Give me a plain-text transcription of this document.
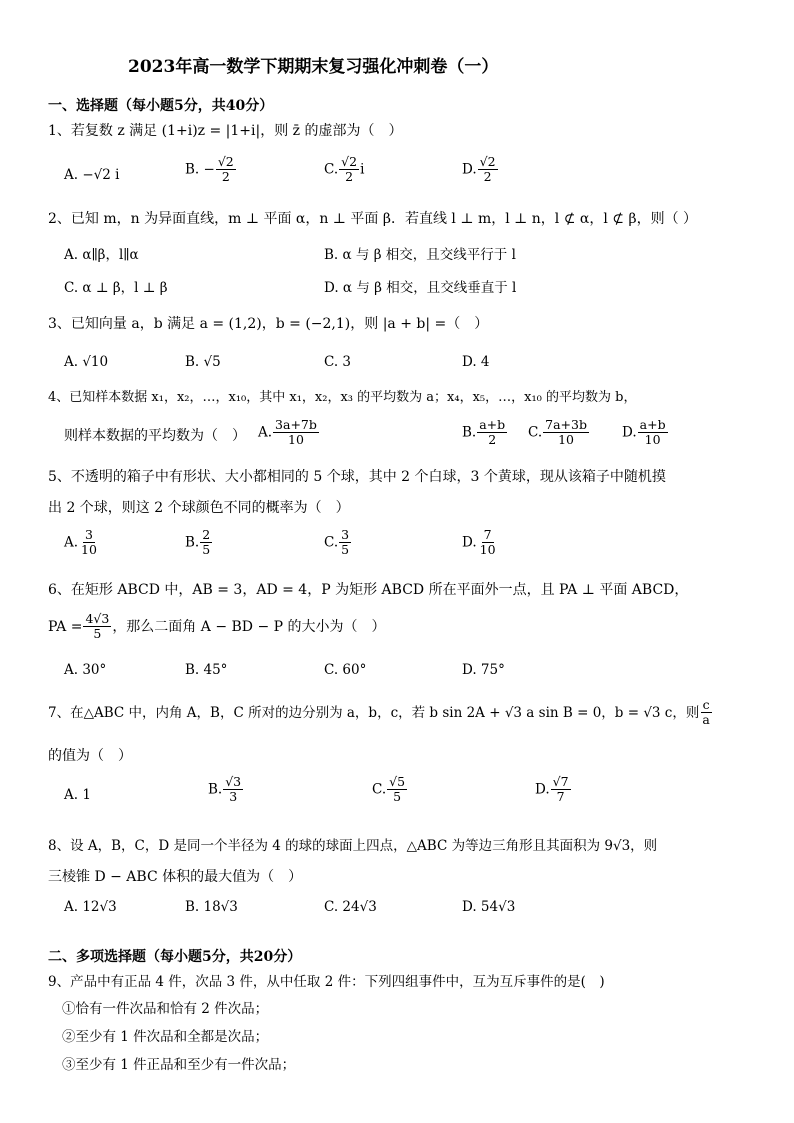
2023年高一数学下期期末复习强化冲刺卷（一）
一、选择题（每小题5分，共40分）
1、若复数 z 满足 (1+i)z = |1+i|，则 z̄ 的虚部为（　）
A. −√2 i	B. − $\frac{√2}{2}$	C. $\frac{√2}{2}$ i	D. $\frac{√2}{2}$
2、已知 m，n 为异面直线，m ⊥ 平面 α，n ⊥ 平面 β．若直线 l ⊥ m，l ⊥ n，l ⊄ α，l ⊄ β，则（ ）
A. α∥β，l∥α	B. α 与 β 相交，且交线平行于 l
C. α ⊥ β，l ⊥ β	D. α 与 β 相交，且交线垂直于 l
3、已知向量 a，b 满足 a = (1,2)，b = (−2,1)，则 |a + b| =（　）
A. √10	B. √5	C. 3	D. 4
4、已知样本数据 x₁，x₂，…，x₁₀，其中 x₁，x₂，x₃ 的平均数为 a；x₄，x₅，…，x₁₀ 的平均数为 b，
则样本数据的平均数为（　） A. $\frac{3a+7b}{10}$	B. $\frac{a+b}{2} C$. $\frac{7a+3b}{10} D$. $\frac{a+b}{10}$
5、不透明的箱子中有形状、大小都相同的 5 个球，其中 2 个白球，3 个黄球，现从该箱子中随机摸
出 2 个球，则这 2 个球颜色不同的概率为（　）
A. $\frac{3}{10}$	B. $\frac{2}{5}$	C. $\frac{3}{5}$	D. $\frac{7}{10}$
6、在矩形 ABCD 中，AB = 3，AD = 4，P 为矩形 ABCD 所在平面外一点，且 PA ⊥ 平面 ABCD，
PA = $\frac{4√3}{5}$ ，那么二面角 A − BD − P 的大小为（　）
A. 30°	B. 45°	C. 60°	D. 75°
7、在△ABC 中，内角 A，B，C 所对的边分别为 a，b，c，若 b sin 2A + √3 a sin B = 0，b = √3 c，则 $\frac{c}{a}$
的值为（　）
A. 1	B. $\frac{√3}{3}$	C. $\frac{√5}{5}$	D. $\frac{√7}{7}$
8、设 A，B，C，D 是同一个半径为 4 的球的球面上四点，△ABC 为等边三角形且其面积为 9√3，则
三棱锥 D − ABC 体积的最大值为（　）
A. 12√3	B. 18√3	C. 24√3	D. 54√3
二、多项选择题（每小题5分，共20分）
9、产品中有正品 4 件，次品 3 件，从中任取 2 件：下列四组事件中，互为互斥事件的是(　)
①恰有一件次品和恰有 2 件次品；
②至少有 1 件次品和全都是次品；
③至少有 1 件正品和至少有一件次品；
